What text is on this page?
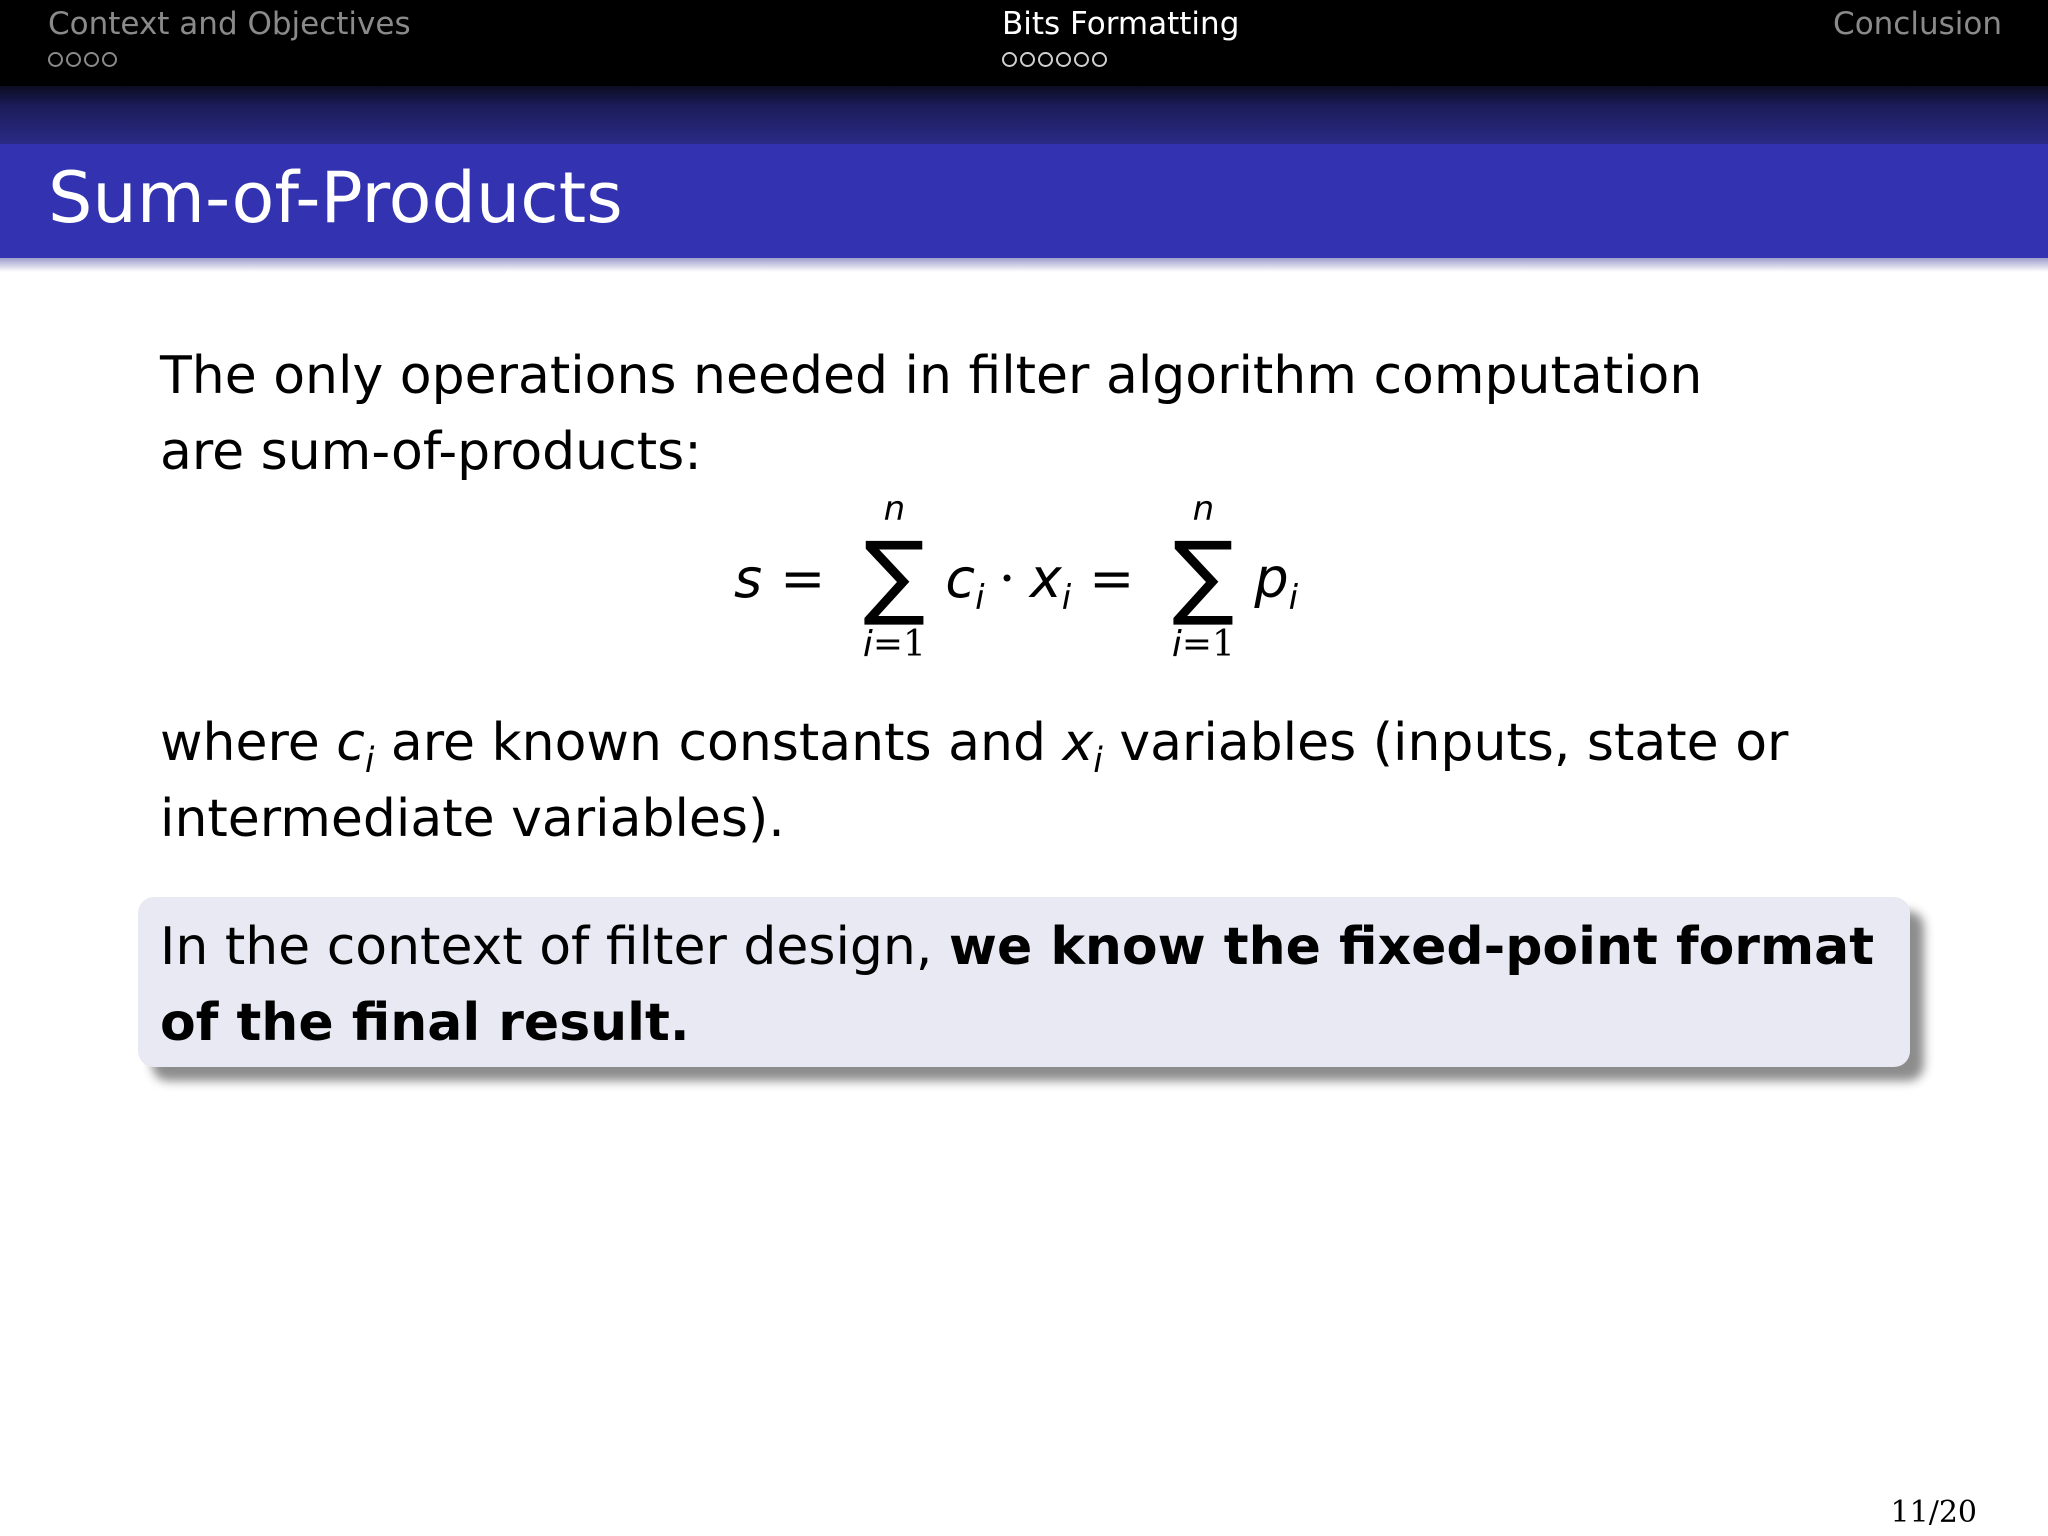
Context and Objectives	Bits Formatting	Conclusion
Sum-of-Products
The only operations needed in filter algorithm computation are sum-of-products:
s =
n
∑
i=1
$c_i \cdot x_i$ =
n
∑
i=1
$p_i$
where $c_i$ are known constants and $x_i$ variables (inputs, state or intermediate variables).
In the context of filter design, we know the fixed-point format of the final result.
11/20
